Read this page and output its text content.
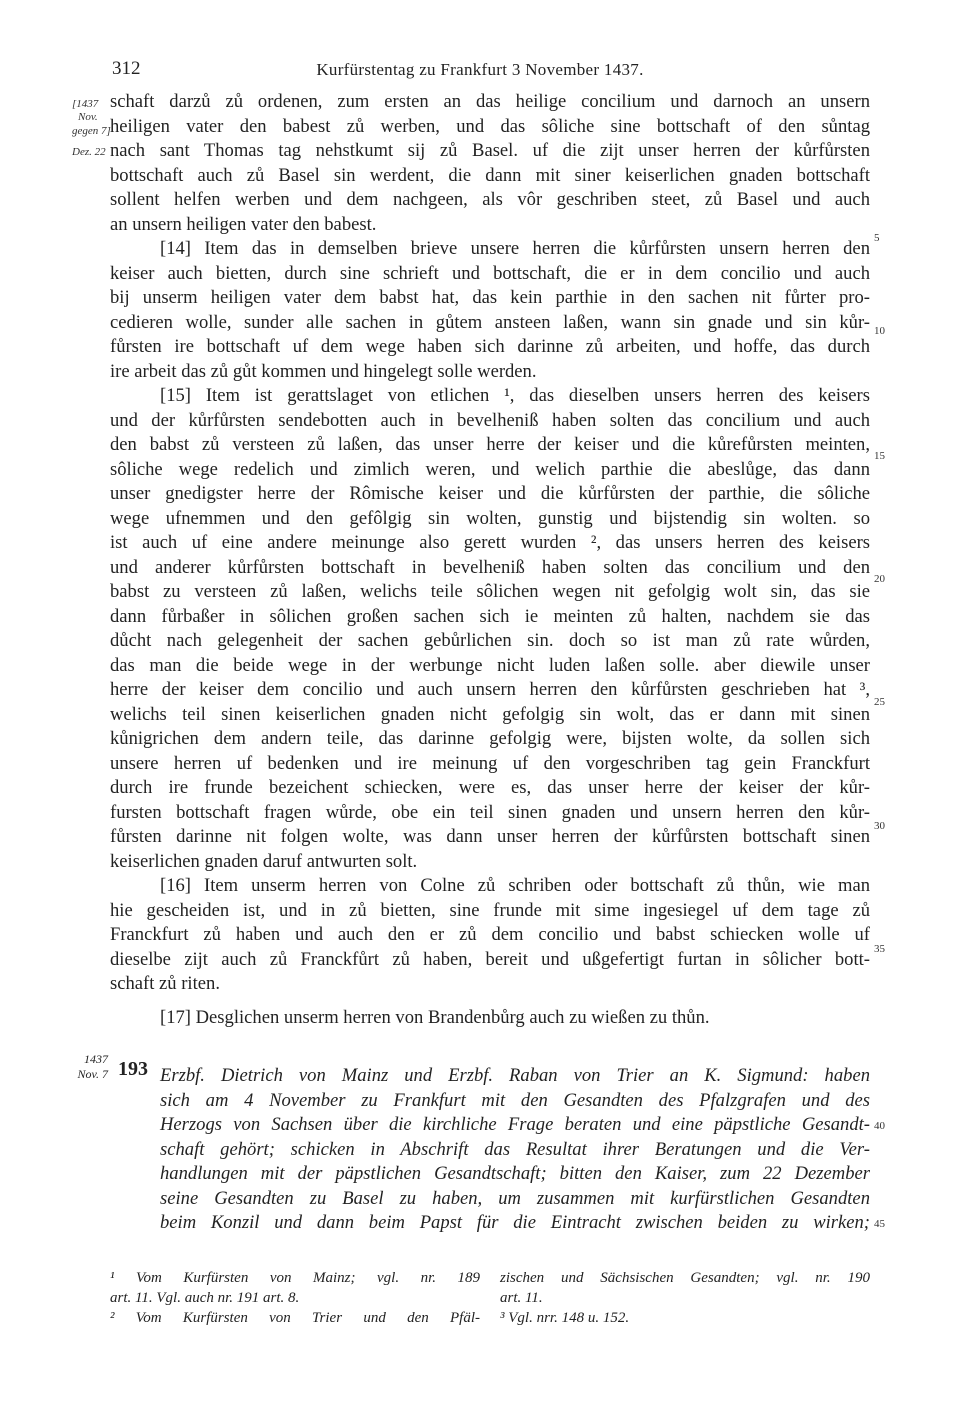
312	Kurfürstentag zu Frankfurt 3 November 1437.
[1437
Nov.
gegen 7]
Dez. 22
schaft darzů zů ordenen, zum ersten an das heilige concilium und darnoch an unsern
heiligen vater den babest zů werben, und das sôliche sine bottschaft of den sůntag
nach sant Thomas tag nehstkumt sij zů Basel. uf die zijt unser herren der kůrfůrsten
bottschaft auch zů Basel sin werdent, die dann mit siner keiserlichen gnaden bottschaft
sollent helfen werben und dem nachgeen, als vôr geschriben steet, zů Basel und auch
an unsern heiligen vater den babest.
[14] Item das in demselben brieve unsere herren die kůrfůrsten unsern herren den
keiser auch bietten, durch sine schrieft und bottschaft, die er in dem concilio und auch
bij unserm heiligen vater dem babst hat, das kein parthie in den sachen nit fůrter pro-
cedieren wolle, sunder alle sachen in gůtem ansteen laßen, wann sin gnade und sin kůr-
fůrsten ire bottschaft uf dem wege haben sich darinne zů arbeiten, und hoffe, das durch
ire arbeit das zů gůt kommen und hingelegt solle werden.
[15] Item ist gerattslaget von etlichen ¹, das dieselben unsers herren des keisers
und der kůrfůrsten sendebotten auch in bevelheniß haben solten das concilium und auch
den babst zů versteen zů laßen, das unser herre der keiser und die kůrefůrsten meinten,
sôliche wege redelich und zimlich weren, und welich parthie die abeslůge, das dann
unser gnedigster herre der Rômische keiser und die kůrfůrsten der parthie, die sôliche
wege ufnemmen und den gefôlgig sin wolten, gunstig und bijstendig sin wolten. so
ist auch uf eine andere meinunge also gerett wurden ², das unsers herren des keisers
und anderer kůrfůrsten bottschaft in bevelheniß haben solten das concilium und den
babst zu versteen zů laßen, welichs teile sôlichen wegen nit gefolgig wolt sin, das sie
dann fůrbaßer in sôlichen großen sachen sich ie meinten zů halten, nachdem sie das
důcht nach gelegenheit der sachen gebůrlichen sin. doch so ist man zů rate wůrden,
das man die beide wege in der werbunge nicht luden laßen solle. aber diewile unser
herre der keiser dem concilio und auch unsern herren den kůrfůrsten geschrieben hat ³,
welichs teil sinen keiserlichen gnaden nicht gefolgig sin wolt, das er dann mit sinen
kůnigrichen dem andern teile, das darinne gefolgig were, bijsten wolte, da sollen sich
unsere herren uf bedenken und ire meinung uf den vorgeschriben tag gein Franckfurt
durch ire frunde bezeichent schiecken, were es, das unser herre der keiser der kůr-
fursten bottschaft fragen wůrde, obe ein teil sinen gnaden und unsern herren den kůr-
fůrsten darinne nit folgen wolte, was dann unser herren der kůrfůrsten bottschaft sinen
keiserlichen gnaden daruf antwurten solt.
[16] Item unserm herren von Colne zů schriben oder bottschaft zů thůn, wie man
hie gescheiden ist, und in zů bietten, sine frunde mit sime ingesiegel uf dem tage zů
Franckfurt zů haben und auch den er zů dem concilio und babst schiecken wolle uf
dieselbe zijt auch zů Franckfůrt zů haben, bereit und ußgefertigt furtan in sôlicher bott-
schaft zů riten.
[17] Desglichen unserm herren von Brandenbůrg auch zu wießen zu thůn.
1437
Nov. 7 193 Erzbf. Dietrich von Mainz und Erzbf. Raban von Trier an K. Sigmund: haben
sich am 4 November zu Frankfurt mit den Gesandten des Pfalzgrafen und des
Herzogs von Sachsen über die kirchliche Frage beraten und eine päpstliche Gesandt-
schaft gehört; schicken in Abschrift das Resultat ihrer Beratungen und die Ver-
handlungen mit der päpstlichen Gesandtschaft; bitten den Kaiser, zum 22 Dezember
seine Gesandten zu Basel zu haben, um zusammen mit kurfürstlichen Gesandten
beim Konzil und dann beim Papst für die Eintracht zwischen beiden zu wirken;
5
10
15
20
25
30
35
40
45
¹ Vom Kurfürsten von Mainz; vgl. nr. 189
art. 11. Vgl. auch nr. 191 art. 8.
² Vom Kurfürsten von Trier und den Pfäl-
zischen und Sächsischen Gesandten; vgl. nr. 190
art. 11.
³ Vgl. nrr. 148 u. 152.
